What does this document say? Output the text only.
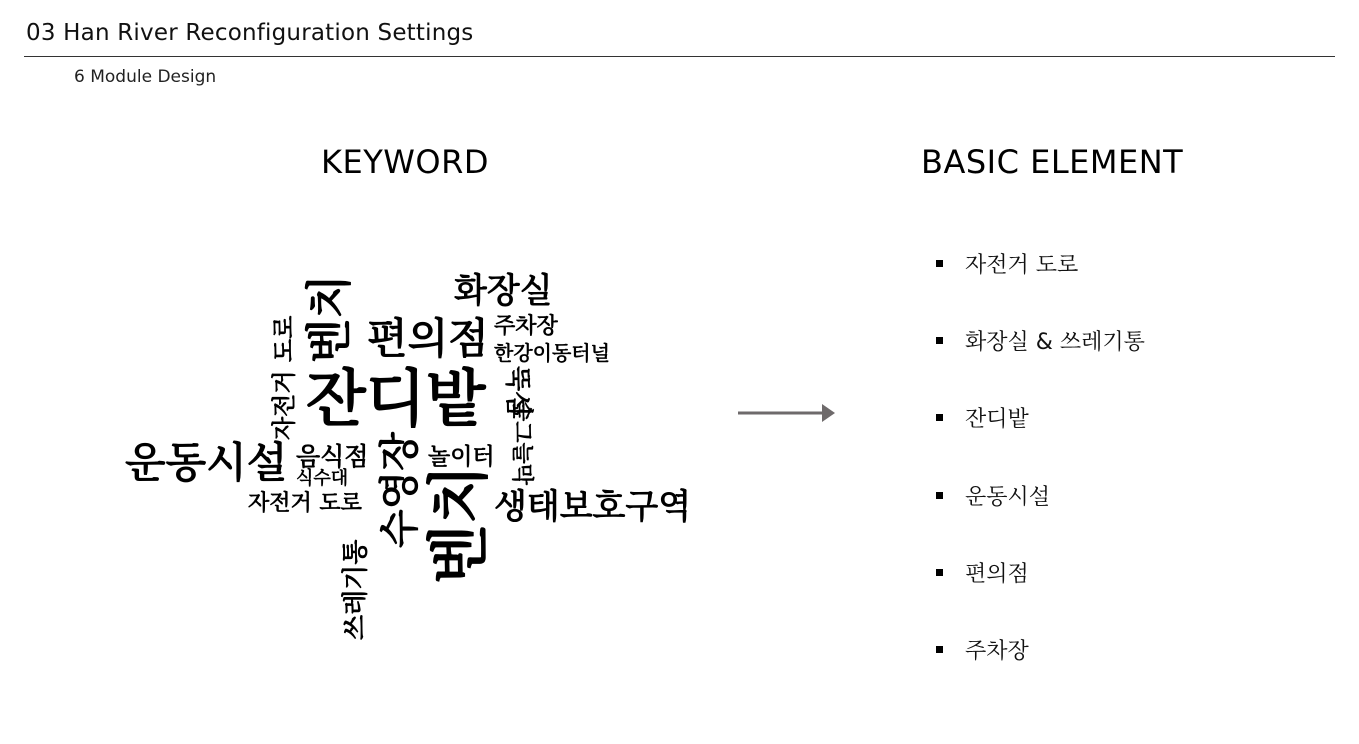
03 Han River Reconfiguration Settings
6 Module Design
KEYWORD	BASIC ELEMENT
잔디밭
화장실
편의점 주차장
한강이동터널
운동시설 음식점
식수대
놀이터
자전거 도로	생태보호구역
벤치
자전거 도로	뚝섬
숲그늘막
벤치
수영장
쓰레기통
자전거 도로
화장실 & 쓰레기통
잔디밭
운동시설
편의점
주차장
